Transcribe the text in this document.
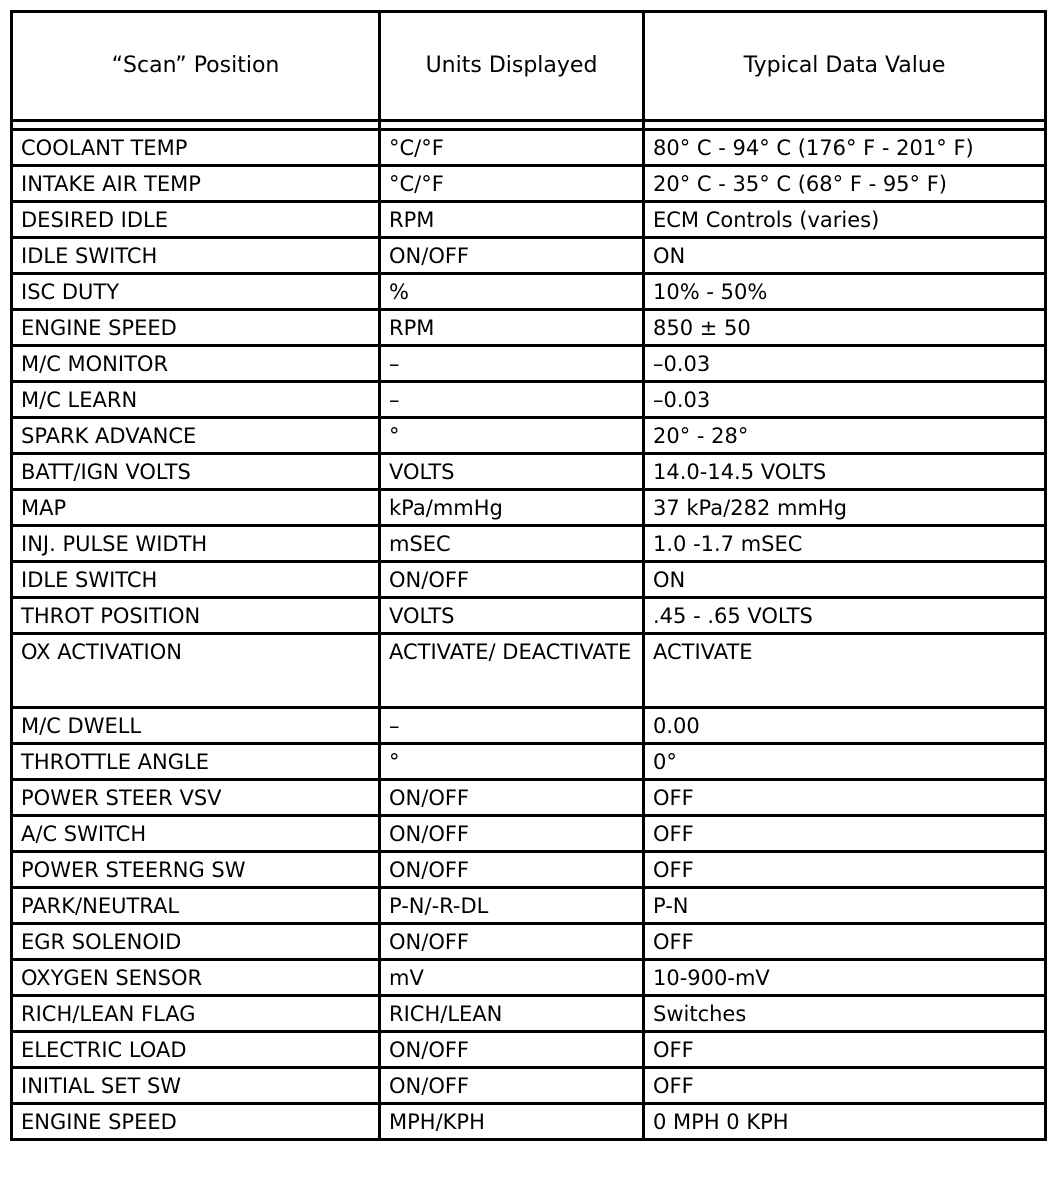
“Scan” Position	Units Displayed	Typical Data Value

COOLANT TEMP	°C/°F	80° C - 94° C (176° F - 201° F)
INTAKE AIR TEMP	°C/°F	20° C - 35° C (68° F - 95° F)
DESIRED IDLE	RPM	ECM Controls (varies)
IDLE SWITCH	ON/OFF	ON
ISC DUTY	%	10% - 50%
ENGINE SPEED	RPM	850 ± 50
M/C MONITOR	–	–0.03
M/C LEARN	–	–0.03
SPARK ADVANCE	°	20° - 28°
BATT/IGN VOLTS	VOLTS	14.0-14.5 VOLTS
MAP	kPa/mmHg	37 kPa/282 mmHg
INJ. PULSE WIDTH	mSEC	1.0 -1.7 mSEC
IDLE SWITCH	ON/OFF	ON
THROT POSITION	VOLTS	.45 - .65 VOLTS
OX ACTIVATION	ACTIVATE/ DEACTIVATE	ACTIVATE
M/C DWELL	–	0.00
THROTTLE ANGLE	°	0°
POWER STEER VSV	ON/OFF	OFF
A/C SWITCH	ON/OFF	OFF
POWER STEERNG SW	ON/OFF	OFF
PARK/NEUTRAL	P-N/-R-DL	P-N
EGR SOLENOID	ON/OFF	OFF
OXYGEN SENSOR	mV	10-900-mV
RICH/LEAN FLAG	RICH/LEAN	Switches
ELECTRIC LOAD	ON/OFF	OFF
INITIAL SET SW	ON/OFF	OFF
ENGINE SPEED	MPH/KPH	0 MPH 0 KPH
